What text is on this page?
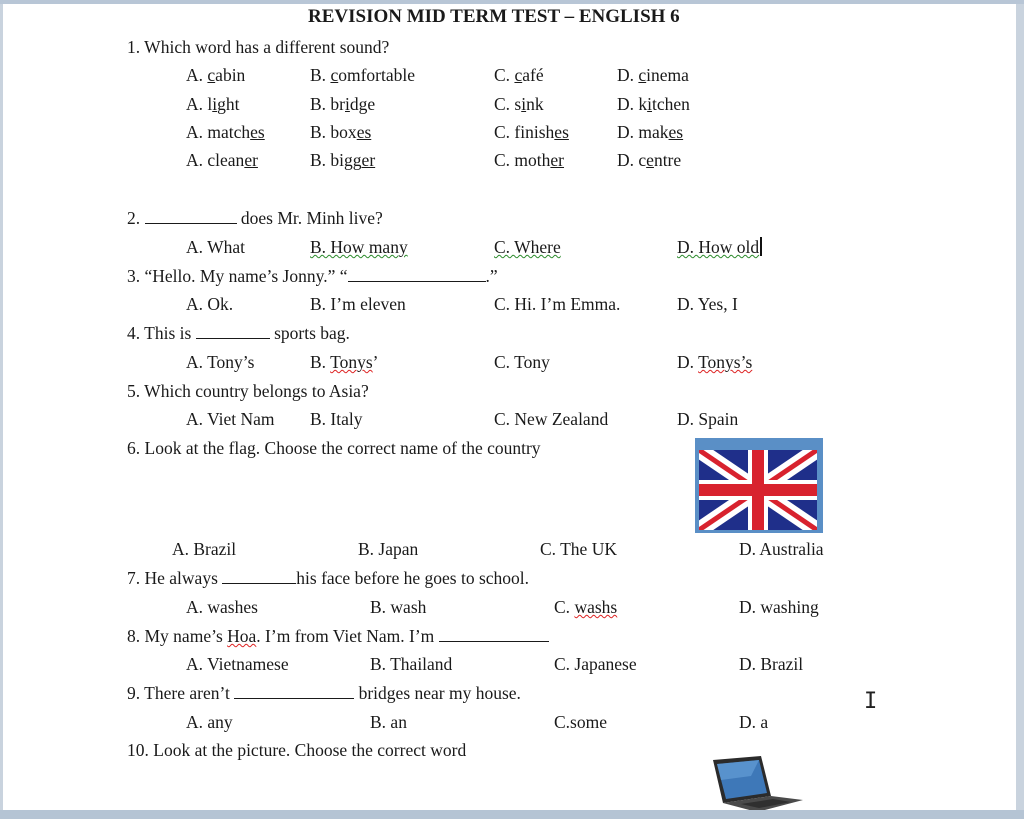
REVISION MID TERM TEST – ENGLISH 6
1. Which word has a different sound?
A. cabin	B. comfortable	C. café	D. cinema
A. light	B. bridge	C. sink	D. kitchen
A. matches	B. boxes	C. finishes	D. makes
A. cleaner	B. bigger	C. mother	D. centre
2.	does Mr. Minh live?
A. What	B. How many	C. Where	D. How old
3. “Hello. My name’s Jonny.” “	.”
A. Ok.	B. I’m eleven	C. Hi. I’m Emma.	D. Yes, I
4. This is	sports bag.
A. Tony’s	B. Tonys’	C. Tony	D. Tonys’s
5. Which country belongs to Asia?
A. Viet Nam B. Italy	C. New Zealand	D. Spain
6. Look at the flag. Choose the correct name of the country
A. Brazil	B. Japan	C. The UK	D. Australia
7. He always	his face before he goes to school.
A. washes	B. wash	C. washs	D. washing
8. My name’s Hoa. I’m from Viet Nam. I’m
A. Vietnamese	B. Thailand	C. Japanese	D. Brazil
9. There aren’t	bridges near my house.
A. any	B. an	C.some	D. a
10. Look at the picture. Choose the correct word
I
